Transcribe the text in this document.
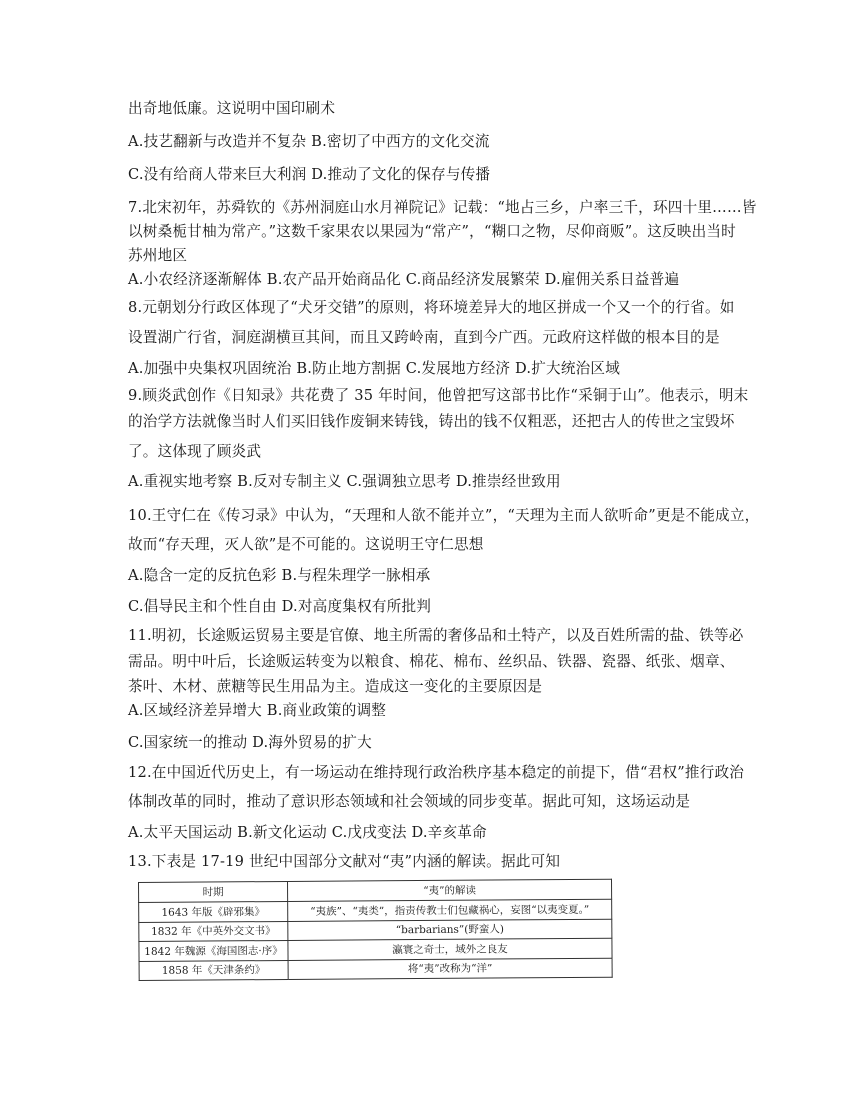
出奇地低廉。这说明中国印刷术
A.技艺翻新与改造并不复杂 B.密切了中西方的文化交流
C.没有给商人带来巨大利润 D.推动了文化的保存与传播
7.北宋初年，苏舜钦的《苏州洞庭山水月禅院记》记载：“地占三乡，户率三千，环四十里……皆
以树桑栀甘柚为常产。”这数千家果农以果园为“常产”，“糊口之物，尽仰商贩”。这反映出当时
苏州地区
A.小农经济逐渐解体 B.农产品开始商品化 C.商品经济发展繁荣 D.雇佣关系日益普遍
8.元朝划分行政区体现了“犬牙交错”的原则，将环境差异大的地区拼成一个又一个的行省。如
设置湖广行省，洞庭湖横亘其间，而且又跨岭南，直到今广西。元政府这样做的根本目的是
A.加强中央集权巩固统治 B.防止地方割据 C.发展地方经济 D.扩大统治区域
9.顾炎武创作《日知录》共花费了 35 年时间，他曾把写这部书比作“采铜于山”。他表示，明末
的治学方法就像当时人们买旧钱作废铜来铸钱，铸出的钱不仅粗恶，还把古人的传世之宝毁坏
了。这体现了顾炎武
A.重视实地考察 B.反对专制主义 C.强调独立思考 D.推崇经世致用
10.王守仁在《传习录》中认为，“天理和人欲不能并立”，“天理为主而人欲听命”更是不能成立，
故而“存天理，灭人欲”是不可能的。这说明王守仁思想
A.隐含一定的反抗色彩 B.与程朱理学一脉相承
C.倡导民主和个性自由 D.对高度集权有所批判
11.明初，长途贩运贸易主要是官僚、地主所需的奢侈品和土特产，以及百姓所需的盐、铁等必
需品。明中叶后，长途贩运转变为以粮食、棉花、棉布、丝织品、铁器、瓷器、纸张、烟章、
茶叶、木材、蔗糖等民生用品为主。造成这一变化的主要原因是
A.区域经济差异增大 B.商业政策的调整
C.国家统一的推动 D.海外贸易的扩大
12.在中国近代历史上，有一场运动在维持现行政治秩序基本稳定的前提下，借“君权”推行政治
体制改革的同时，推动了意识形态领域和社会领域的同步变革。据此可知，这场运动是
A.太平天国运动 B.新文化运动 C.戊戌变法 D.辛亥革命
13.下表是 17-19 世纪中国部分文献对“夷”内涵的解读。据此可知
时期	“夷”的解读
1643 年版《辟邪集》	“夷族”、“夷类”，指责传教士们包藏祸心，妄图“以夷变夏。”
1832 年《中英外交文书》	“barbarians”(野蛮人)
1842 年魏源《海国图志·序》	瀛寰之奇士，域外之良友
1858 年《天津条约》	将“夷”改称为“洋”
